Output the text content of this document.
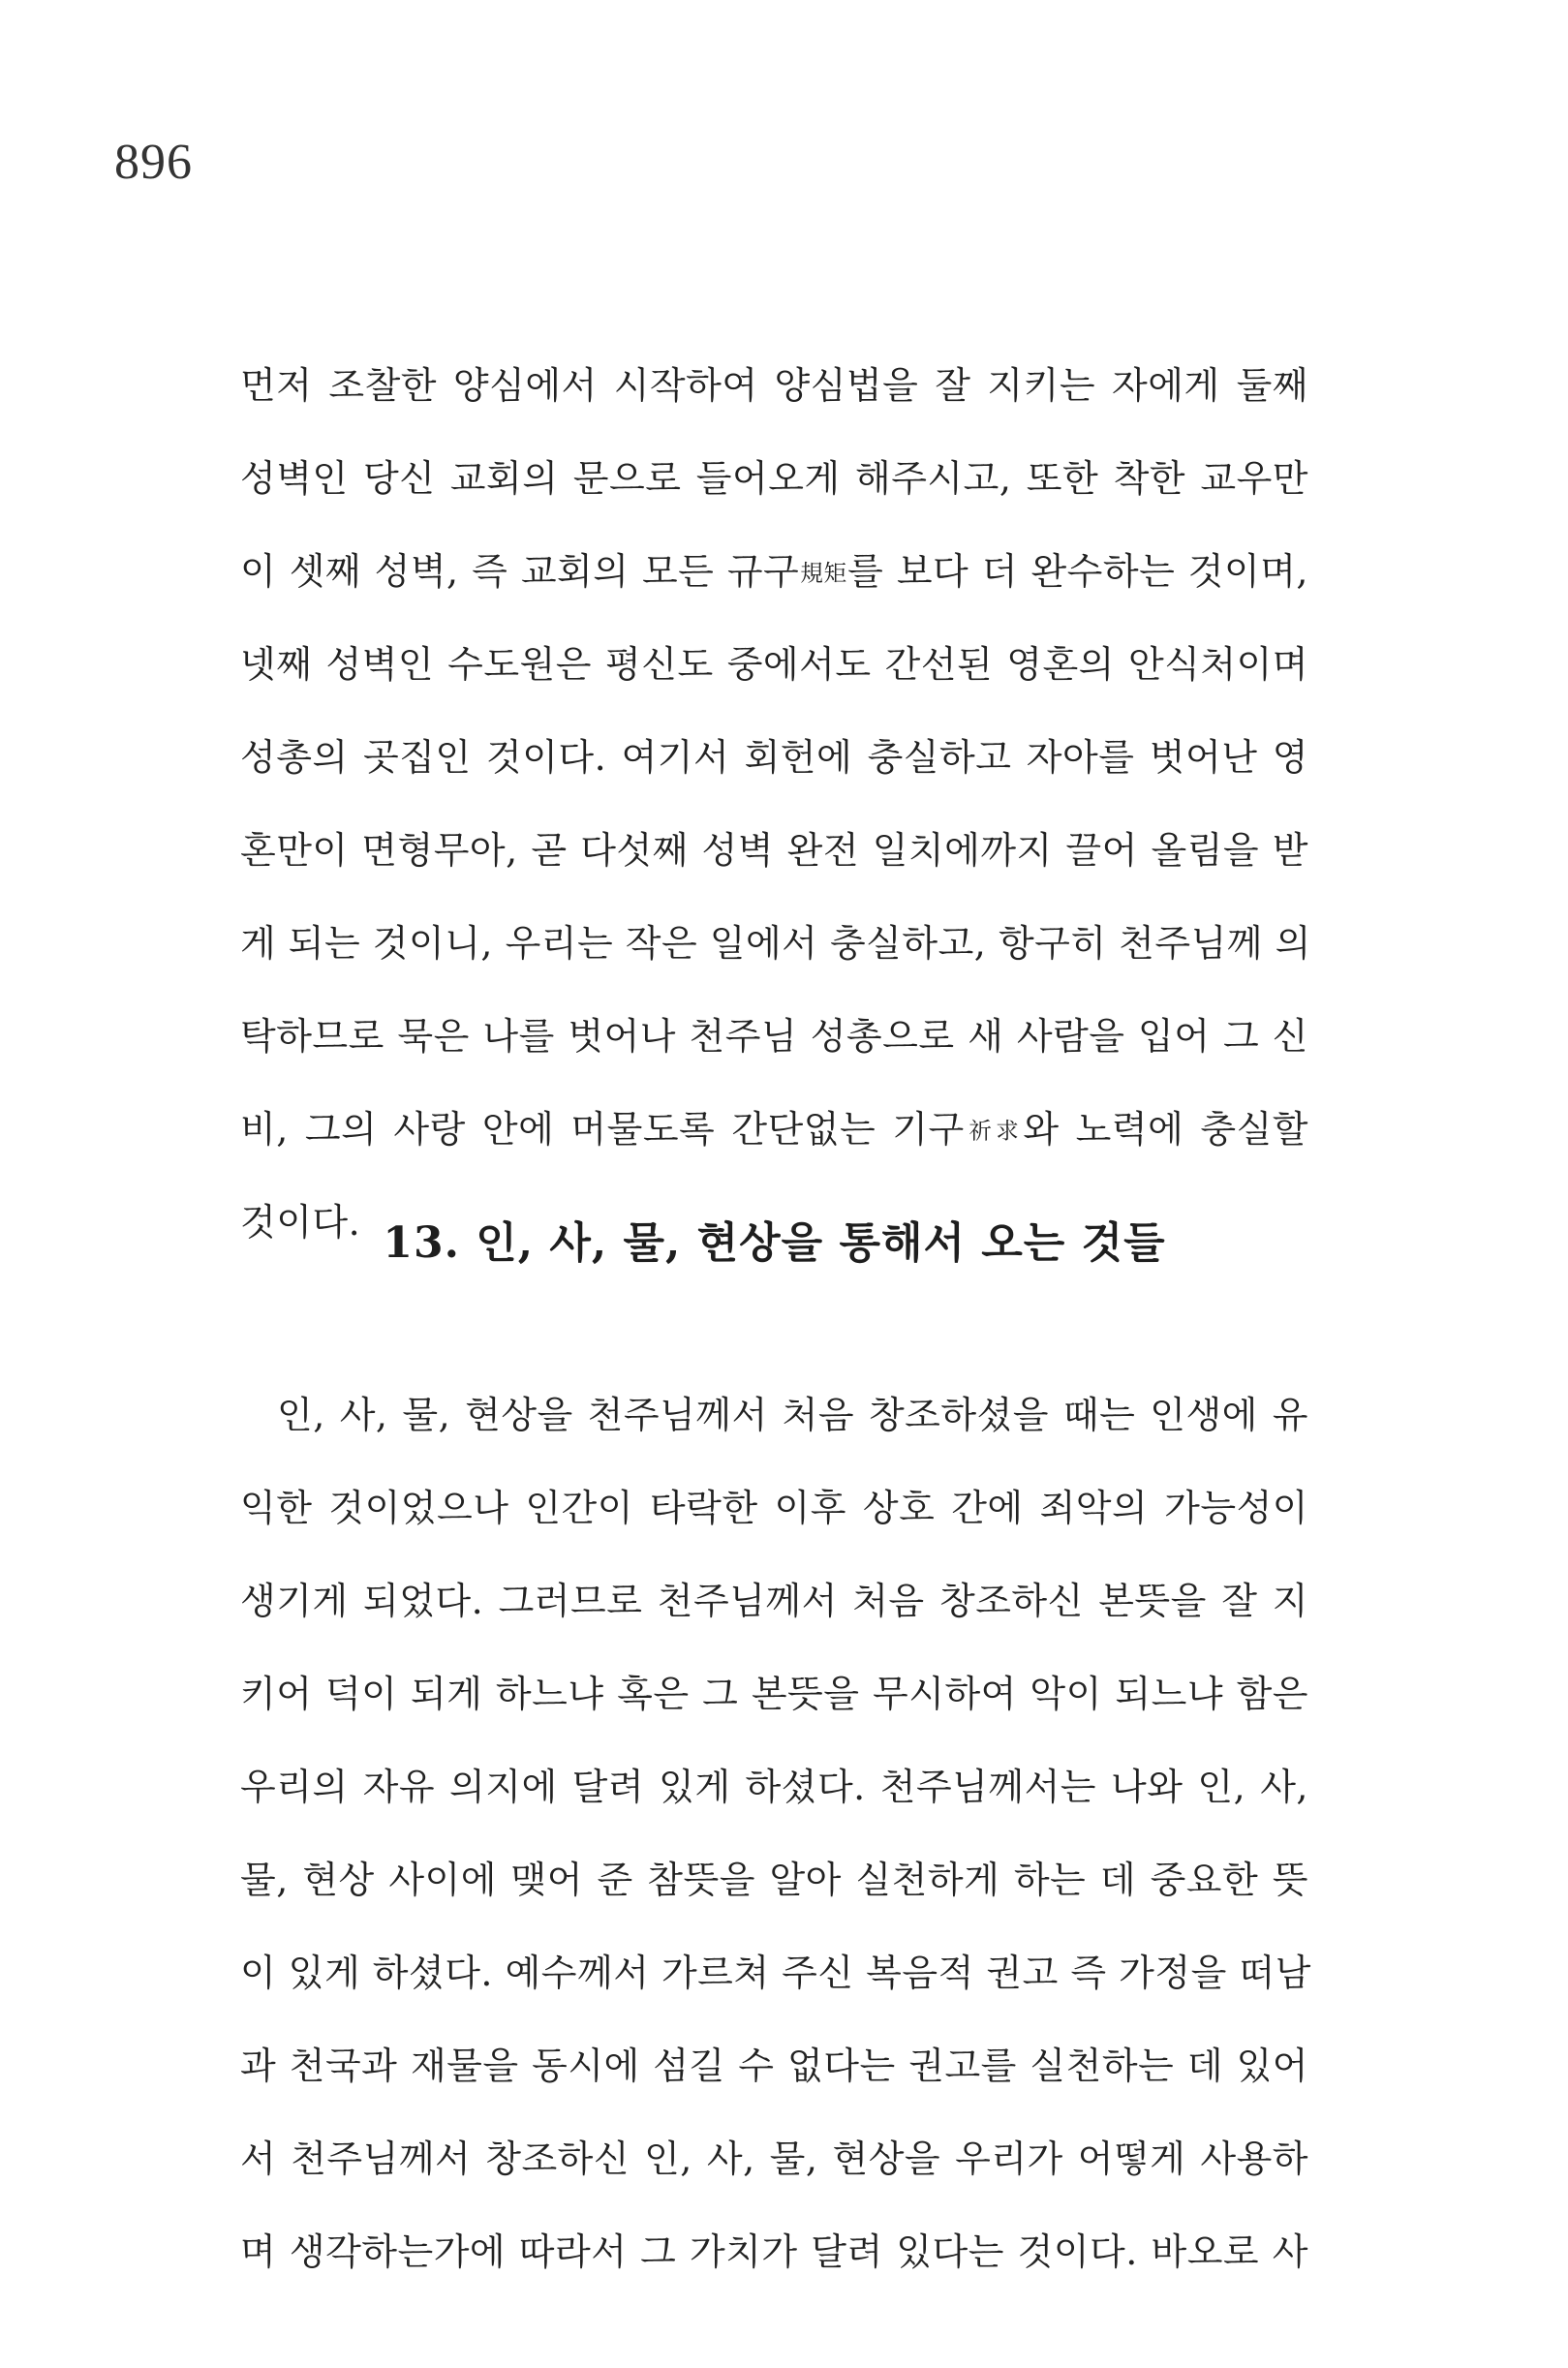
896
먼저 조찰한 양심에서 시작하여 양심법을 잘 지키는 자에게 둘째
성벽인 당신 교회의 문으로 들어오게 해주시고, 또한 착한 교우만
이 셋째 성벽, 즉 교회의 모든 규구規矩를 보다 더 완수하는 것이며,
넷째 성벽인 수도원은 평신도 중에서도 간선된 영혼의 안식처이며
성총의 곳집인 것이다. 여기서 회헌에 충실하고 자아를 벗어난 영
혼만이 면형무아, 곧 다섯째 성벽 완전 일치에까지 끌어 올림을 받
게 되는 것이니, 우리는 작은 일에서 충실하고, 항구히 천주님께 의
탁하므로 묵은 나를 벗어나 천주님 성총으로 새 사람을 입어 그 신
비, 그의 사랑 안에 머물도록 간단없는 기구祈求와 노력에 충실할
것이다. 13. 인, 사, 물, 현상을 통해서 오는 것들
인, 사, 물, 현상을 천주님께서 처음 창조하셨을 때는 인생에 유
익한 것이었으나 인간이 타락한 이후 상호 간에 죄악의 가능성이
생기게 되었다. 그러므로 천주님께서 처음 창조하신 본뜻을 잘 지
키어 덕이 되게 하느냐 혹은 그 본뜻을 무시하여 악이 되느냐 함은
우리의 자유 의지에 달려 있게 하셨다. 천주님께서는 나와 인, 사,
물, 현상 사이에 맺어 준 참뜻을 알아 실천하게 하는 데 중요한 뜻
이 있게 하셨다. 예수께서 가르쳐 주신 복음적 권고 즉 가정을 떠남
과 천국과 재물을 동시에 섬길 수 없다는 권고를 실천하는 데 있어
서 천주님께서 창조하신 인, 사, 물, 현상을 우리가 어떻게 사용하
며 생각하는가에 따라서 그 가치가 달려 있다는 것이다. 바오로 사
